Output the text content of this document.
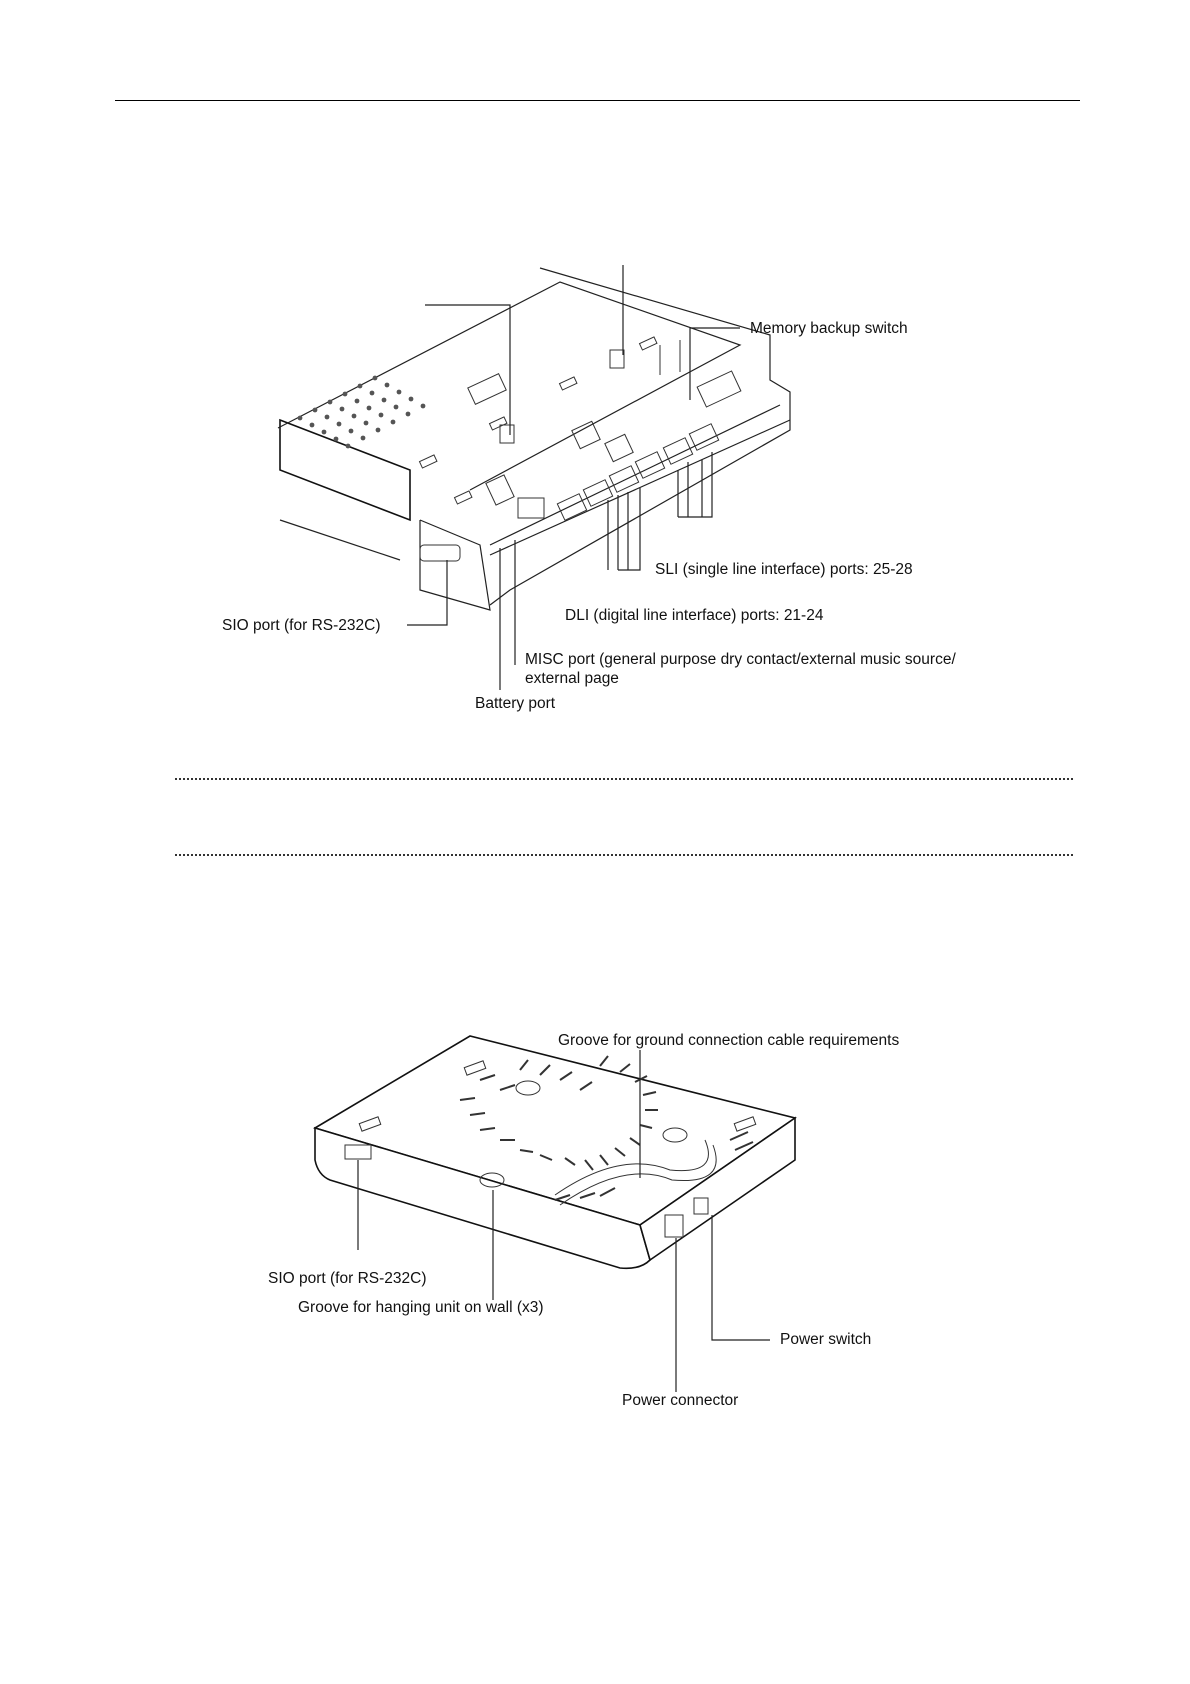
Memory backup switch
SLI (single line interface) ports: 25-28
DLI (digital line interface) ports: 21-24
SIO port (for RS-232C)
MISC port (general purpose dry contact/external music source/
external page
Battery port
Groove for ground connection cable requirements
SIO port (for RS-232C)
Groove for hanging unit on wall (x3)
Power switch
Power connector
